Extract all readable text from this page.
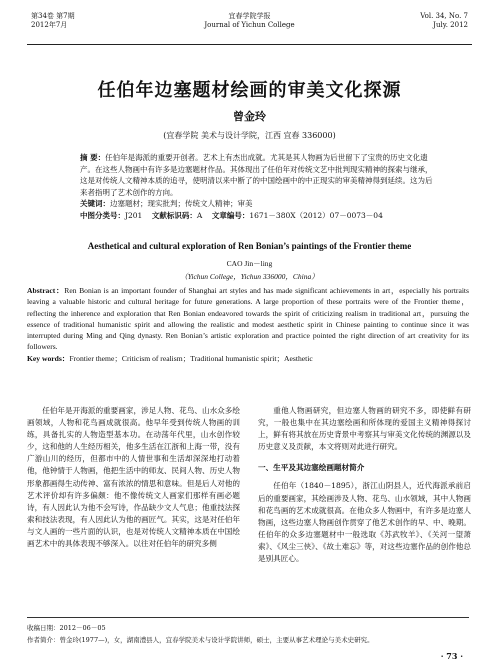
第34卷 第7期
2012年7月
宜春学院学报
Journal of Yichun College
Vol. 34, No. 7
July. 2012
任伯年边塞题材绘画的审美文化探源
曾金玲
(宜春学院 美术与设计学院，江西 宜春 336000)

摘 要：任伯年是海派的重要开创者。艺术上有杰出成就。尤其是其人物画为后世留下了宝贵的历史文化遗产。在这些人物画中有许多是边塞题材作品。其体现出了任伯年对传统文艺中批判现实精神的探索与继承，这是对传统人文精神本质的追寻，使明清以来中断了的中国绘画中的中正现实的审美精神得到延续。这为后来者指明了艺术创作的方向。

关键词：边塞题材；现实批判；传统文人精神；审美

中图分类号：J201 文献标识码：A 文章编号：1671－380X（2012）07－0073－04

Aesthetical and cultural exploration of Ren Bonian’s paintings of the Frontier theme
CAO Jin－ling
（Yichun College，Yichun 336000，China）

Abstract：Ren Bonian is an important founder of Shanghai art styles and has made significant achievements in art，especially his portraits leaving a valuable historic and cultural heritage for future generations. A large proportion of these portraits were of the Frontier theme，reflecting the inherence and exploration that Ren Bonian endeavored towards the spirit of criticizing realism in traditional art，pursuing the essence of traditional humanistic spirit and allowing the realistic and modest aesthetic spirit in Chinese painting to continue since it was interrupted during Ming and Qing dynasty. Ren Bonian’s artistic exploration and practice pointed the right direction of art creativity for its followers.

Key words：Frontier theme；Criticism of realism；Traditional humanistic spirit；Aesthetic

任伯年是开海派的重要画家，涉足人物、花鸟、山水众多绘画领域，人物和花鸟画成就很高。他早年受到传统人物画的训练，具备扎实的人物造型基本功。在动荡年代里，山水创作较少，这和他的人生经历相关，他多生活在江浙和上海一带，没有广游山川的经历，但都市中的人情世事和生活却深深地打动着他，他钟情于人物画，他把生活中的师友、民间人物、历史人物形象都画得生动传神、富有浓浓的情思和意味。但是后人对他的艺术评价却有许多偏颇：他不像传统文人画家们那样有画必题诗，有人因此认为他不会写诗，作品缺少文人气息；他重技法探索和技法表现，有人因此认为他的画匠气。其实，这是对任伯年与文人画的一些片面的认识，也是对传统人文精神本质在中国绘画艺术中的具体表现不够深入。以往对任伯年的研究多侧

重他人物画研究，但边塞人物画的研究不多，即使鲜有研究，一般也集中在其边塞绘画和所体现的爱国主义精神得探讨上，鲜有将其放在历史背景中考察其与审美文化传统的渊源以及历史意义及贡献，本文将则对此进行研究。

一、生平及其边塞绘画题材简介

任伯年（1840－1895），浙江山阴县人，近代海派承前启后的重要画家，其绘画涉及人物、花鸟、山水领域，其中人物画和花鸟画的艺术成就很高。在他众多人物画中，有许多是边塞人物画，这些边塞人物画创作贯穿了他艺术创作的早、中、晚期。任伯年的众多边塞题材中一般选取《苏武牧羊》、《关河一望萧索》、《风尘三侠》、《故土难忘》等，对这些边塞作品的创作他总是别具匠心。

收稿日期：2012－06－05
作者简介：曾金玲(1977—)，女，湖南澧县人，宜春学院美术与设计学院讲师，硕士，主要从事艺术理论与美术史研究。
· 73 ·
